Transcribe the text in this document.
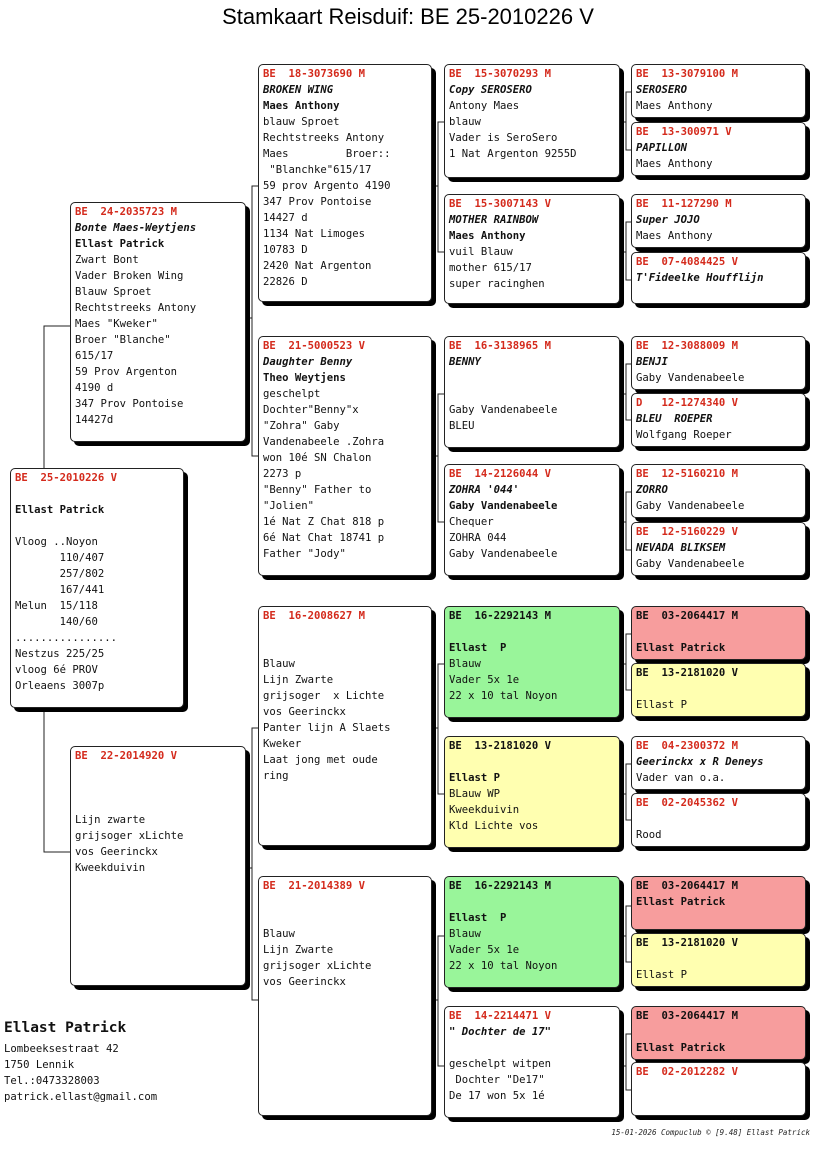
Stamkaart Reisduif: BE 25-2010226 V
BE  25-2010226 V
Ellast Patrick
Vloog ..Noyon
110/407
257/802
167/441
Melun  15/118
140/60
................
Nestzus 225/25
vloog 6é PROV
Orleaens 3007p
BE  24-2035723 M
Bonte Maes-Weytjens
Ellast Patrick
Zwart Bont
Vader Broken Wing
Blauw Sproet
Rechtstreeks Antony
Maes "Kweker"
Broer "Blanche"
615/17
59 Prov Argenton
4190 d
347 Prov Pontoise
14427d
BE  22-2014920 V
Lijn zwarte
grijsoger xLichte
vos Geerinckx
Kweekduivin
BE  18-3073690 M
BROKEN WING
Maes Anthony
blauw Sproet
Rechtstreeks Antony
Maes         Broer::
"Blanchke"615/17
59 prov Argento 4190
347 Prov Pontoise
14427 d
1134 Nat Limoges
10783 D
2420 Nat Argenton
22826 D
BE  21-5000523 V
Daughter Benny
Theo Weytjens
geschelpt
Dochter"Benny"x
"Zohra" Gaby
Vandenabeele .Zohra
won 10é SN Chalon
2273 p
"Benny" Father to
"Jolien"
1é Nat Z Chat 818 p
6é Nat Chat 18741 p
Father "Jody"
BE  16-2008627 M
Blauw
Lijn Zwarte
grijsoger  x Lichte
vos Geerinckx
Panter lijn A Slaets
Kweker
Laat jong met oude
ring
BE  21-2014389 V
Blauw
Lijn Zwarte
grijsoger xLichte
vos Geerinckx
BE  15-3070293 M
Copy SEROSERO
Antony Maes
blauw
Vader is SeroSero
1 Nat Argenton 9255D
BE  15-3007143 V
MOTHER RAINBOW
Maes Anthony
vuil Blauw
mother 615/17
super racinghen
BE  16-3138965 M
BENNY
Gaby Vandenabeele
BLEU
BE  14-2126044 V
ZOHRA '044'
Gaby Vandenabeele
Chequer
ZOHRA 044
Gaby Vandenabeele
BE  16-2292143 M
Ellast  P
Blauw
Vader 5x 1e
22 x 10 tal Noyon
BE  13-2181020 V
Ellast P
BLauw WP
Kweekduivin
Kld Lichte vos
BE  16-2292143 M
Ellast  P
Blauw
Vader 5x 1e
22 x 10 tal Noyon
BE  14-2214471 V
" Dochter de 17"
geschelpt witpen
Dochter "De17"
De 17 won 5x 1é
BE  13-3079100 M
SEROSERO
Maes Anthony
BE  13-300971 V
PAPILLON
Maes Anthony
BE  11-127290 M
Super JOJO
Maes Anthony
BE  07-4084425 V
T'Fideelke Houfflijn
BE  12-3088009 M
BENJI
Gaby Vandenabeele
D   12-1274340 V
BLEU  ROEPER
Wolfgang Roeper
BE  12-5160210 M
ZORRO
Gaby Vandenabeele
BE  12-5160229 V
NEVADA BLIKSEM
Gaby Vandenabeele
BE  03-2064417 M
Ellast Patrick
BE  13-2181020 V
Ellast P
BE  04-2300372 M
Geerinckx x R Deneys
Vader van o.a.
BE  02-2045362 V
Rood
BE  03-2064417 M
Ellast Patrick
BE  13-2181020 V
Ellast P
BE  03-2064417 M
Ellast Patrick
BE  02-2012282 V
Ellast Patrick
Lombeeksestraat 42
1750 Lennik
Tel.:0473328003
patrick.ellast@gmail.com
15-01-2026 Compuclub © [9.48] Ellast Patrick
